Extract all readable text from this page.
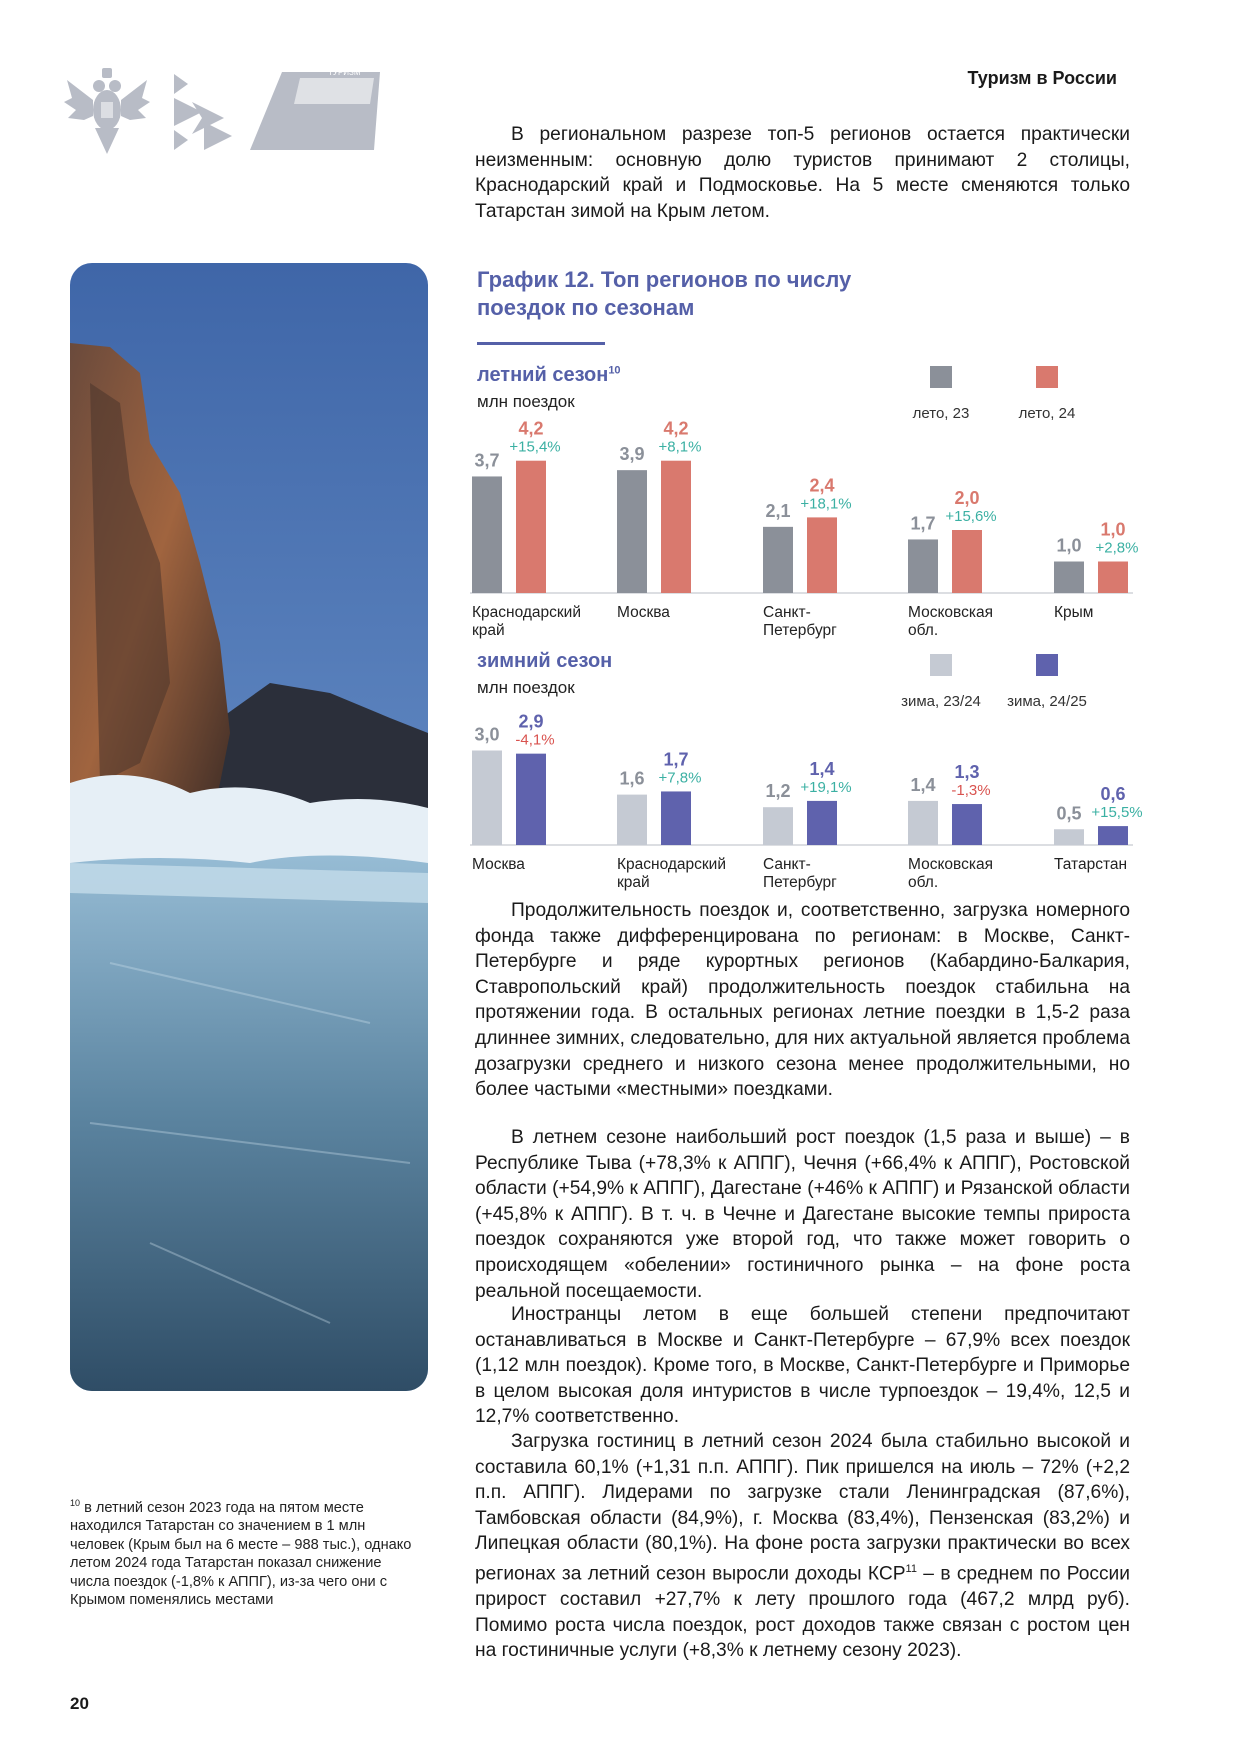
ТУРИЗМ	Туризм в России

В региональном разрезе топ-5 регионов остается практически неизменным: основную долю туристов принимают 2 столицы, Краснодарский край и Подмосковье. На 5 месте сменяются только Татарстан зимой на Крым летом.

График 12. Топ регионов по числу поездок по сезонам
летний сезон$^{10}$
млн поездок
зимний сезон
млн поездок
лето, 23	лето, 24
3,7
4,2
+15,4%
Краснодарский
край
3,9
4,2
+8,1%
Москва
2,1
2,4
+18,1%
Санкт-
Петербург
1,7
2,0
+15,6%
Московская
обл.
1,0
1,0
+2,8%
Крым
зима, 23/24 зима, 24/25
3,0
2,9
-4,1%
Москва
1,6
1,7
+7,8%
Краснодарский
край
1,2
1,4
+19,1%
Санкт-
Петербург
1,4
1,3
-1,3%
Московская
обл.
0,5
0,6
+15,5%
Татарстан

Продолжительность поездок и, соответственно, загрузка номерного фонда также дифференцирована по регионам: в Москве, Санкт-Петербурге и ряде курортных регионов (Кабардино-Балкария, Ставропольский край) продолжительность поездок стабильна на протяжении года. В остальных регионах летние поездки в 1,5-2 раза длиннее зимних, следовательно, для них актуальной является проблема дозагрузки среднего и низкого сезона менее продолжительными, но более частыми «местными» поездками.

В летнем сезоне наибольший рост поездок (1,5 раза и выше) – в Республике Тыва (+78,3% к АППГ), Чечня (+66,4% к АППГ), Ростовской области (+54,9% к АППГ), Дагестане (+46% к АППГ) и Рязанской области (+45,8% к АППГ). В т. ч. в Чечне и Дагестане высокие темпы прироста поездок сохраняются уже второй год, что также может говорить о происходящем «обелении» гостиничного рынка – на фоне роста реальной посещаемости.

Иностранцы летом в еще большей степени предпочитают останавливаться в Москве и Санкт-Петербурге – 67,9% всех поездок (1,12 млн поездок). Кроме того, в Москве, Санкт-Петербурге и Приморье в целом высокая доля интуристов в числе турпоездок – 19,4%, 12,5 и 12,7% соответственно.

Загрузка гостиниц в летний сезон 2024 была стабильно высокой и составила 60,1% (+1,31 п.п. АППГ). Пик пришелся на июль – 72% (+2,2 п.п. АППГ). Лидерами по загрузке стали Ленинградская (87,6%), Тамбовская области (84,9%), г. Москва (83,4%), Пензенская (83,2%) и Липецкая области (80,1%). На фоне роста загрузки практически во всех регионах за летний сезон выросли доходы КСР$^{11}$ – в среднем по России прирост составил +27,7% к лету прошлого года (467,2 млрд руб). Помимо роста числа поездок, рост доходов также связан с ростом цен на гостиничные услуги (+8,3% к летнему сезону 2023).

$^{10}$ в летний сезон 2023 года на пятом месте находился Татарстан со значением в 1 млн человек (Крым был на 6 месте – 988 тыс.), однако летом 2024 года Татарстан показал снижение числа поездок (-1,8% к АППГ), из-за чего они с Крымом поменялись местами
20
